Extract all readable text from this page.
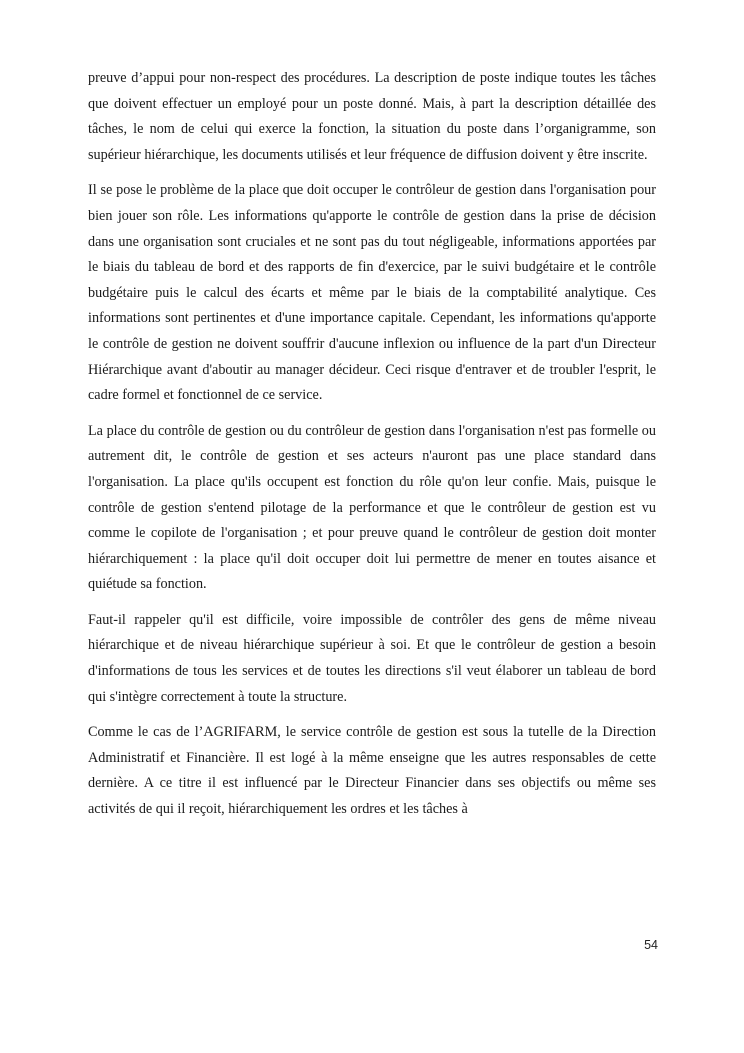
preuve d’appui pour non-respect des procédures. La description de poste indique toutes les tâches que doivent effectuer un employé pour un poste donné. Mais, à part la description détaillée des tâches, le nom de celui qui exerce la fonction, la situation du poste dans l’organigramme, son supérieur hiérarchique, les documents utilisés et leur fréquence de diffusion doivent y être inscrite.

Il se pose le problème de la place que doit occuper le contrôleur de gestion dans l'organisation pour bien jouer son rôle. Les informations qu'apporte le contrôle de gestion dans la prise de décision dans une organisation sont cruciales et ne sont pas du tout négligeable, informations apportées par le biais du tableau de bord et des rapports de fin d'exercice, par le suivi budgétaire et le contrôle budgétaire puis le calcul des écarts et même par le biais de la comptabilité analytique. Ces informations sont pertinentes et d'une importance capitale. Cependant, les informations qu'apporte le contrôle de gestion ne doivent souffrir d'aucune inflexion ou influence de la part d'un Directeur Hiérarchique avant d'aboutir au manager décideur. Ceci risque d'entraver et de troubler l'esprit, le cadre formel et fonctionnel de ce service.

La place du contrôle de gestion ou du contrôleur de gestion dans l'organisation n'est pas formelle ou autrement dit, le contrôle de gestion et ses acteurs n'auront pas une place standard dans l'organisation. La place qu'ils occupent est fonction du rôle qu'on leur confie. Mais, puisque le contrôle de gestion s'entend pilotage de la performance et que le contrôleur de gestion est vu comme le copilote de l'organisation ; et pour preuve quand le contrôleur de gestion doit monter hiérarchiquement : la place qu'il doit occuper doit lui permettre de mener en toutes aisance et quiétude sa fonction.

Faut-il rappeler qu'il est difficile, voire impossible de contrôler des gens de même niveau hiérarchique et de niveau hiérarchique supérieur à soi. Et que le contrôleur de gestion a besoin d'informations de tous les services et de toutes les directions s'il veut élaborer un tableau de bord qui s'intègre correctement à toute la structure.

Comme le cas de l’AGRIFARM, le service contrôle de gestion est sous la tutelle de la Direction Administratif et Financière. Il est logé à la même enseigne que les autres responsables de cette dernière. A ce titre il est influencé par le Directeur Financier dans ses objectifs ou même ses activités de qui il reçoit, hiérarchiquement les ordres et les tâches à

54
